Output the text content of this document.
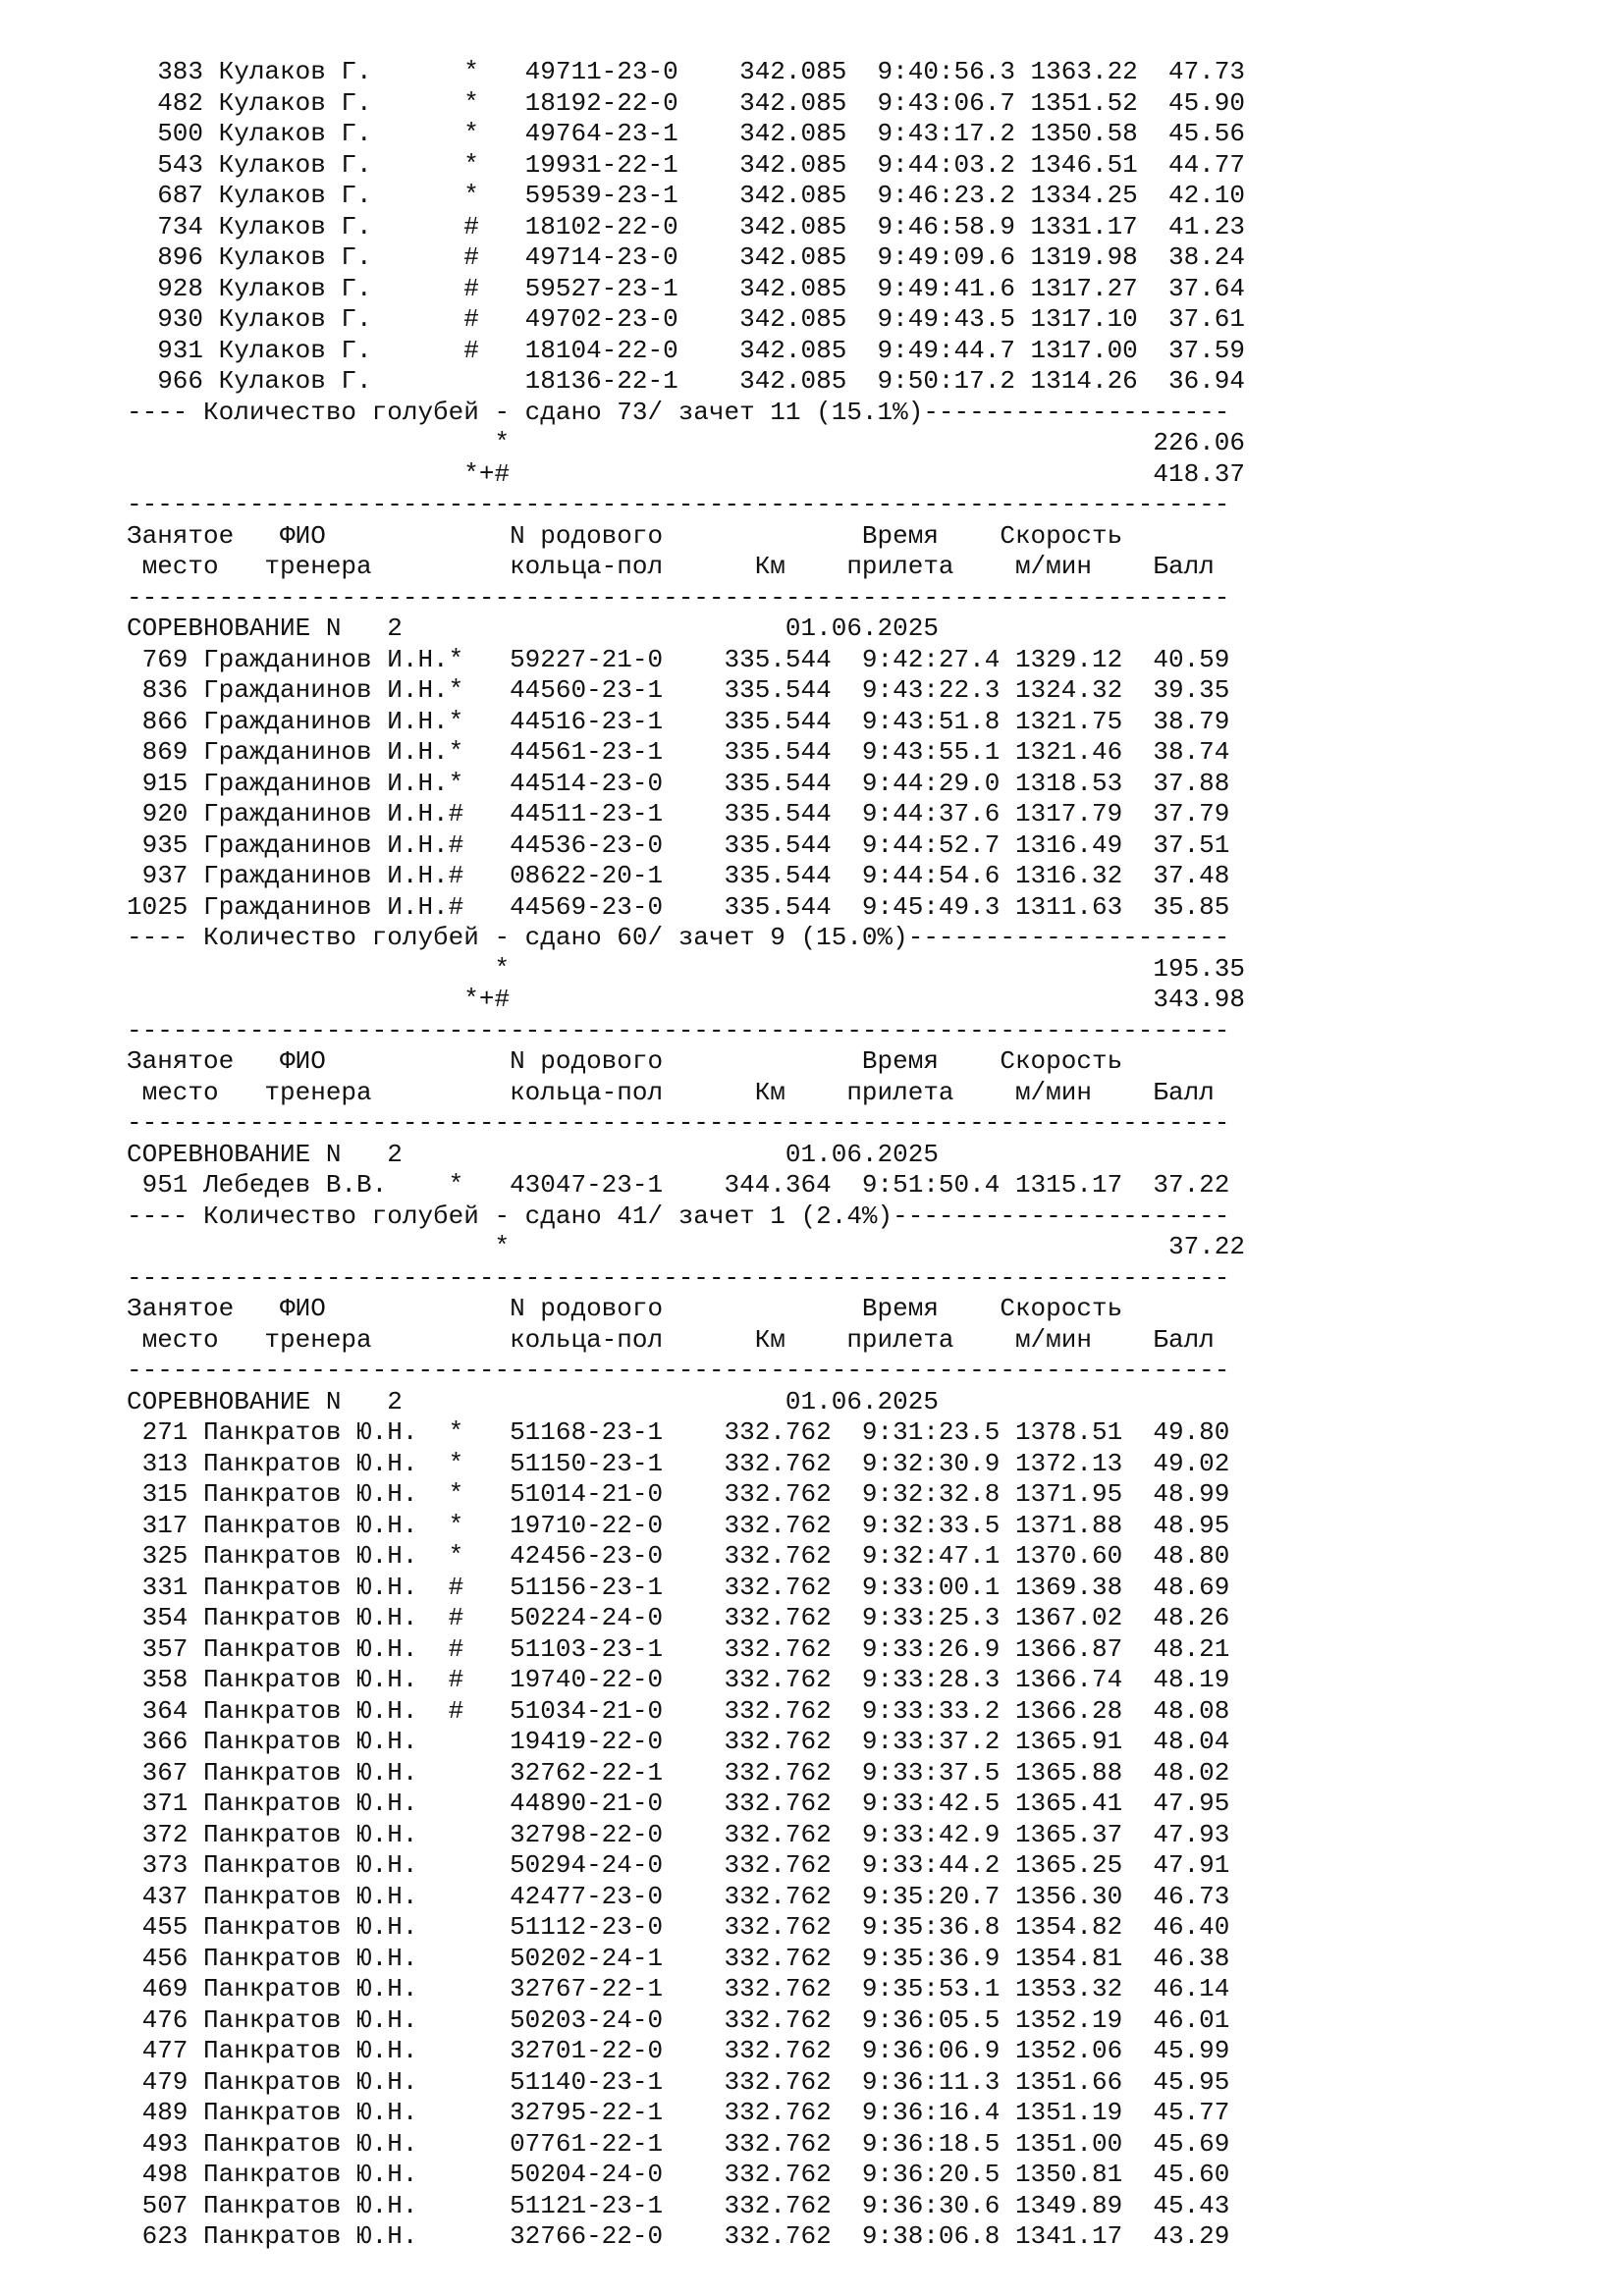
383 Кулаков Г.      *   49711-23-0    342.085  9:40:56.3 1363.22  47.73
482 Кулаков Г.      *   18192-22-0    342.085  9:43:06.7 1351.52  45.90
500 Кулаков Г.      *   49764-23-1    342.085  9:43:17.2 1350.58  45.56
543 Кулаков Г.      *   19931-22-1    342.085  9:44:03.2 1346.51  44.77
687 Кулаков Г.      *   59539-23-1    342.085  9:46:23.2 1334.25  42.10
734 Кулаков Г.      #   18102-22-0    342.085  9:46:58.9 1331.17  41.23
896 Кулаков Г.      #   49714-23-0    342.085  9:49:09.6 1319.98  38.24
928 Кулаков Г.      #   59527-23-1    342.085  9:49:41.6 1317.27  37.64
930 Кулаков Г.      #   49702-23-0    342.085  9:49:43.5 1317.10  37.61
931 Кулаков Г.      #   18104-22-0    342.085  9:49:44.7 1317.00  37.59
966 Кулаков Г.          18136-22-1    342.085  9:50:17.2 1314.26  36.94
---- Количество голубей - сдано 73/ зачет 11 (15.1%)--------------------
*                                          226.06
*+#                                          418.37
------------------------------------------------------------------------
Занятое   ФИО            N родового             Время    Скорость
место   тренера         кольца-пол      Км    прилета    м/мин    Балл
------------------------------------------------------------------------
СОРЕВНОВАНИЕ N   2                         01.06.2025
769 Гражданинов И.Н.*   59227-21-0    335.544  9:42:27.4 1329.12  40.59
836 Гражданинов И.Н.*   44560-23-1    335.544  9:43:22.3 1324.32  39.35
866 Гражданинов И.Н.*   44516-23-1    335.544  9:43:51.8 1321.75  38.79
869 Гражданинов И.Н.*   44561-23-1    335.544  9:43:55.1 1321.46  38.74
915 Гражданинов И.Н.*   44514-23-0    335.544  9:44:29.0 1318.53  37.88
920 Гражданинов И.Н.#   44511-23-1    335.544  9:44:37.6 1317.79  37.79
935 Гражданинов И.Н.#   44536-23-0    335.544  9:44:52.7 1316.49  37.51
937 Гражданинов И.Н.#   08622-20-1    335.544  9:44:54.6 1316.32  37.48
1025 Гражданинов И.Н.#   44569-23-0    335.544  9:45:49.3 1311.63  35.85
---- Количество голубей - сдано 60/ зачет 9 (15.0%)---------------------
*                                          195.35
*+#                                          343.98
------------------------------------------------------------------------
Занятое   ФИО            N родового             Время    Скорость
место   тренера         кольца-пол      Км    прилета    м/мин    Балл
------------------------------------------------------------------------
СОРЕВНОВАНИЕ N   2                         01.06.2025
951 Лебедев В.В.    *   43047-23-1    344.364  9:51:50.4 1315.17  37.22
---- Количество голубей - сдано 41/ зачет 1 (2.4%)----------------------
*                                           37.22
------------------------------------------------------------------------
Занятое   ФИО            N родового             Время    Скорость
место   тренера         кольца-пол      Км    прилета    м/мин    Балл
------------------------------------------------------------------------
СОРЕВНОВАНИЕ N   2                         01.06.2025
271 Панкратов Ю.Н.  *   51168-23-1    332.762  9:31:23.5 1378.51  49.80
313 Панкратов Ю.Н.  *   51150-23-1    332.762  9:32:30.9 1372.13  49.02
315 Панкратов Ю.Н.  *   51014-21-0    332.762  9:32:32.8 1371.95  48.99
317 Панкратов Ю.Н.  *   19710-22-0    332.762  9:32:33.5 1371.88  48.95
325 Панкратов Ю.Н.  *   42456-23-0    332.762  9:32:47.1 1370.60  48.80
331 Панкратов Ю.Н.  #   51156-23-1    332.762  9:33:00.1 1369.38  48.69
354 Панкратов Ю.Н.  #   50224-24-0    332.762  9:33:25.3 1367.02  48.26
357 Панкратов Ю.Н.  #   51103-23-1    332.762  9:33:26.9 1366.87  48.21
358 Панкратов Ю.Н.  #   19740-22-0    332.762  9:33:28.3 1366.74  48.19
364 Панкратов Ю.Н.  #   51034-21-0    332.762  9:33:33.2 1366.28  48.08
366 Панкратов Ю.Н.      19419-22-0    332.762  9:33:37.2 1365.91  48.04
367 Панкратов Ю.Н.      32762-22-1    332.762  9:33:37.5 1365.88  48.02
371 Панкратов Ю.Н.      44890-21-0    332.762  9:33:42.5 1365.41  47.95
372 Панкратов Ю.Н.      32798-22-0    332.762  9:33:42.9 1365.37  47.93
373 Панкратов Ю.Н.      50294-24-0    332.762  9:33:44.2 1365.25  47.91
437 Панкратов Ю.Н.      42477-23-0    332.762  9:35:20.7 1356.30  46.73
455 Панкратов Ю.Н.      51112-23-0    332.762  9:35:36.8 1354.82  46.40
456 Панкратов Ю.Н.      50202-24-1    332.762  9:35:36.9 1354.81  46.38
469 Панкратов Ю.Н.      32767-22-1    332.762  9:35:53.1 1353.32  46.14
476 Панкратов Ю.Н.      50203-24-0    332.762  9:36:05.5 1352.19  46.01
477 Панкратов Ю.Н.      32701-22-0    332.762  9:36:06.9 1352.06  45.99
479 Панкратов Ю.Н.      51140-23-1    332.762  9:36:11.3 1351.66  45.95
489 Панкратов Ю.Н.      32795-22-1    332.762  9:36:16.4 1351.19  45.77
493 Панкратов Ю.Н.      07761-22-1    332.762  9:36:18.5 1351.00  45.69
498 Панкратов Ю.Н.      50204-24-0    332.762  9:36:20.5 1350.81  45.60
507 Панкратов Ю.Н.      51121-23-1    332.762  9:36:30.6 1349.89  45.43
623 Панкратов Ю.Н.      32766-22-0    332.762  9:38:06.8 1341.17  43.29
